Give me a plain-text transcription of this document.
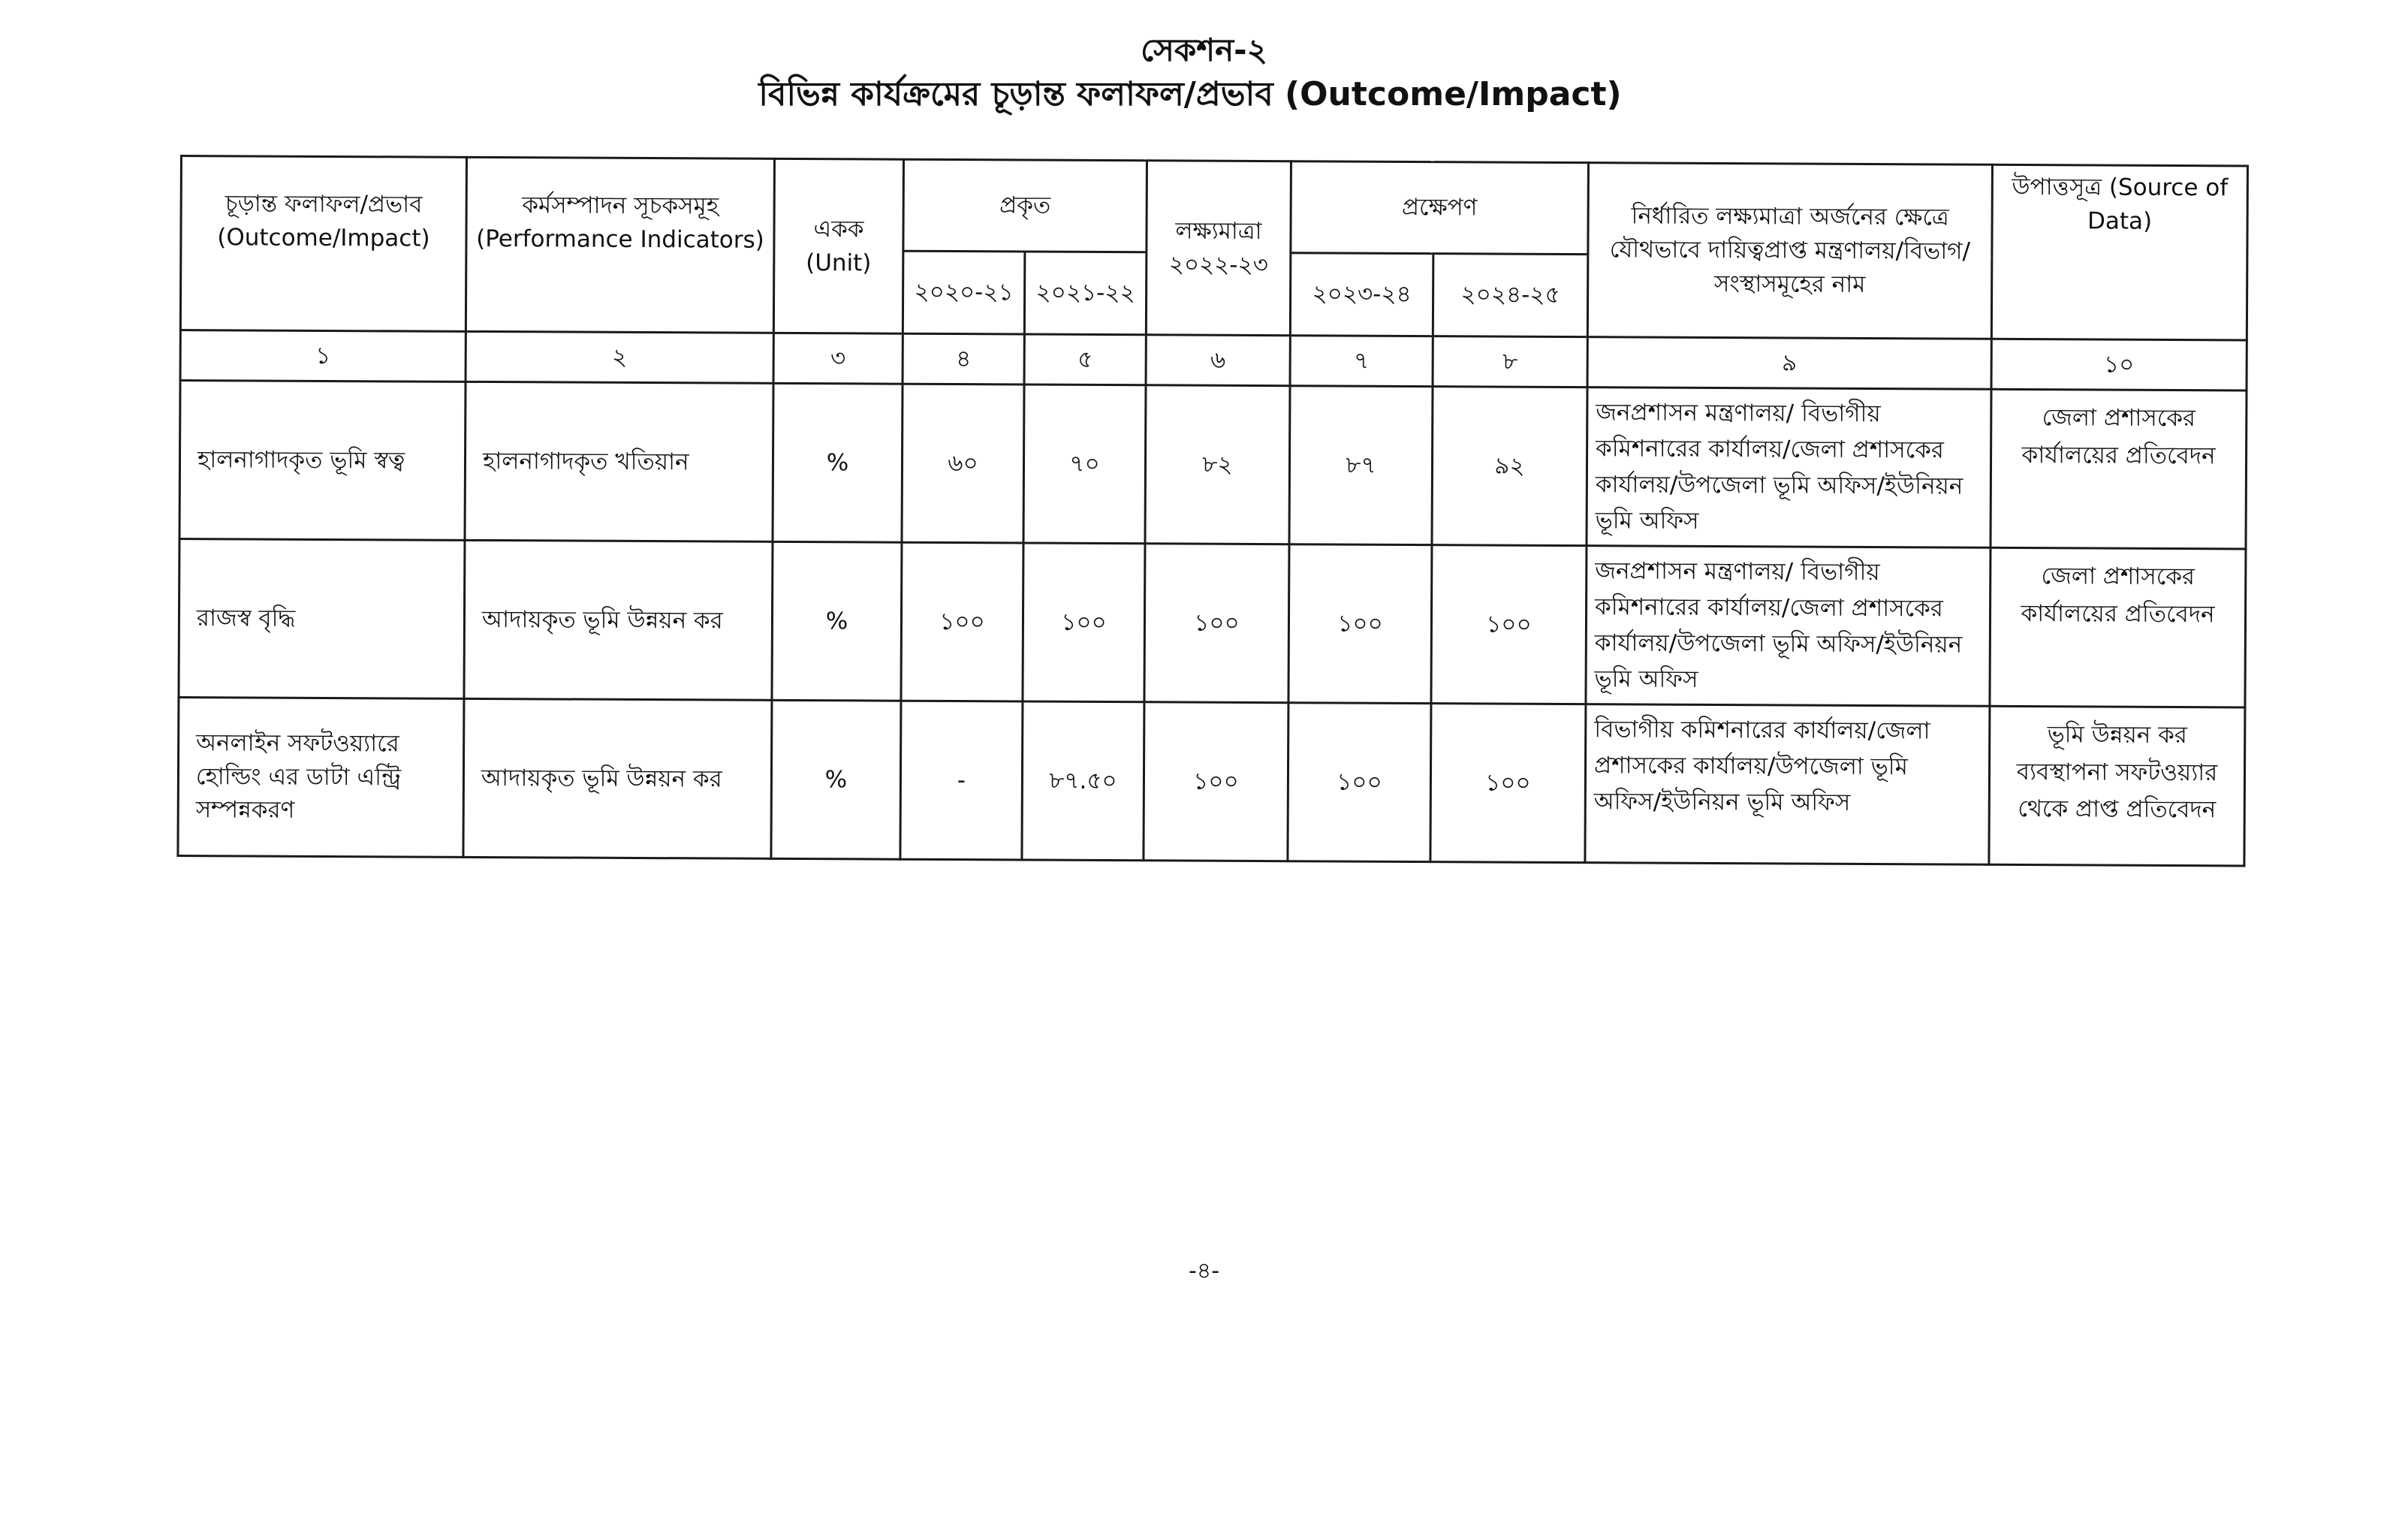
সেকশন-২
বিভিন্ন কার্যক্রমের চূড়ান্ত ফলাফল/প্রভাব (Outcome/Impact)
চূড়ান্ত ফলাফল/প্রভাব (Outcome/Impact)	কর্মসম্পাদন সূচকসমূহ (Performance Indicators)	একক (Unit)	প্রকৃত		লক্ষ্যমাত্রা ২০২২-২৩	প্রক্ষেপণ		নির্ধারিত লক্ষ্যমাত্রা অর্জনের ক্ষেত্রে যৌথভাবে দায়িত্বপ্রাপ্ত মন্ত্রণালয়/বিভাগ/ সংস্থাসমূহের নাম	উপাত্তসূত্র (Source of Data)
			২০২০-২১	২০২১-২২		২০২৩-২৪	২০২৪-২৫		
১	২	৩	৪	৫	৬	৭	৮	৯	১০
হালনাগাদকৃত ভূমি স্বত্ব	হালনাগাদকৃত খতিয়ান	%	৬০	৭০	৮২	৮৭	৯২	জনপ্রশাসন মন্ত্রণালয়/ বিভাগীয় কমিশনারের কার্যালয়/জেলা প্রশাসকের কার্যালয়/উপজেলা ভূমি অফিস/ইউনিয়ন ভূমি অফিস	জেলা প্রশাসকের কার্যালয়ের প্রতিবেদন
রাজস্ব বৃদ্ধি	আদায়কৃত ভূমি উন্নয়ন কর	%	১০০	১০০	১০০	১০০	১০০	জনপ্রশাসন মন্ত্রণালয়/ বিভাগীয় কমিশনারের কার্যালয়/জেলা প্রশাসকের কার্যালয়/উপজেলা ভূমি অফিস/ইউনিয়ন ভূমি অফিস	জেলা প্রশাসকের কার্যালয়ের প্রতিবেদন
অনলাইন সফটওয়্যারে হোল্ডিং এর ডাটা এন্ট্রি সম্পন্নকরণ	আদায়কৃত ভূমি উন্নয়ন কর	%	-	৮৭.৫০	১০০	১০০	১০০	বিভাগীয় কমিশনারের কার্যালয়/জেলা প্রশাসকের কার্যালয়/উপজেলা ভূমি অফিস/ইউনিয়ন ভূমি অফিস	ভূমি উন্নয়ন কর ব্যবস্থাপনা সফটওয়্যার থেকে প্রাপ্ত প্রতিবেদন
-৪-
